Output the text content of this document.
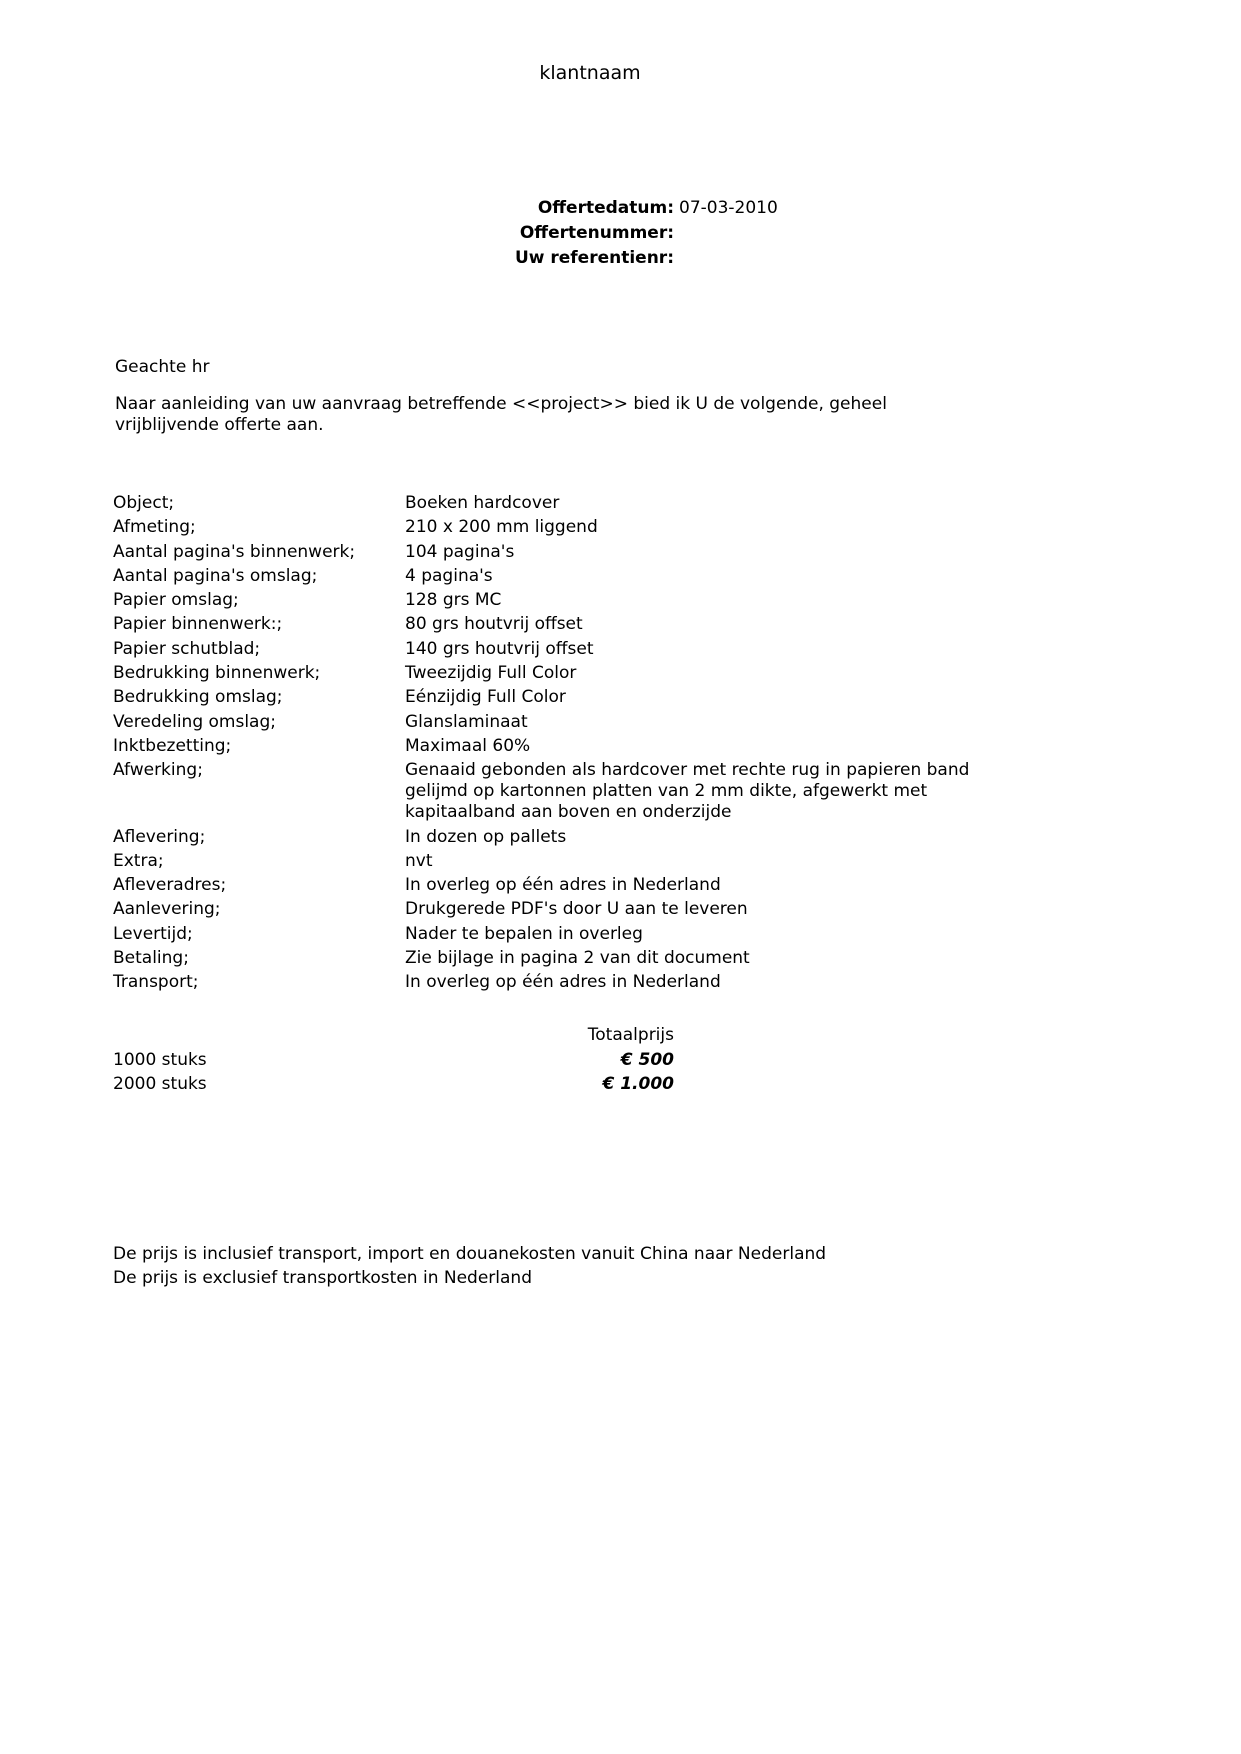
klantnaam
Offertedatum: 07-03-2010
Offertenummer:
Uw referentienr:
Geachte hr
Naar aanleiding van uw aanvraag betreffende <<project>> bied ik U de volgende, geheel vrijblijvende offerte aan.
Object;	Boeken hardcover
Afmeting;	210 x 200 mm liggend
Aantal pagina's binnenwerk;	104 pagina's
Aantal pagina's omslag;	4 pagina's
Papier omslag;	128 grs MC
Papier binnenwerk:;	80 grs houtvrij offset
Papier schutblad;	140 grs houtvrij offset
Bedrukking binnenwerk;	Tweezijdig Full Color
Bedrukking omslag;	Eénzijdig Full Color
Veredeling omslag;	Glanslaminaat
Inktbezetting;	Maximaal 60%
Afwerking;	Genaaid gebonden als hardcover met rechte rug in papieren band gelijmd op kartonnen platten van 2 mm dikte, afgewerkt met kapitaalband aan boven en onderzijde
Aflevering;	In dozen op pallets
Extra;	nvt
Afleveradres;	In overleg op één adres in Nederland
Aanlevering;	Drukgerede PDF's door U aan te leveren
Levertijd;	Nader te bepalen in overleg
Betaling;	Zie bijlage in pagina 2 van dit document
Transport;	In overleg op één adres in Nederland
Totaalprijs
1000 stuks	€ 500
2000 stuks	€ 1.000
De prijs is inclusief transport, import en douanekosten vanuit China naar Nederland
De prijs is exclusief transportkosten in Nederland
